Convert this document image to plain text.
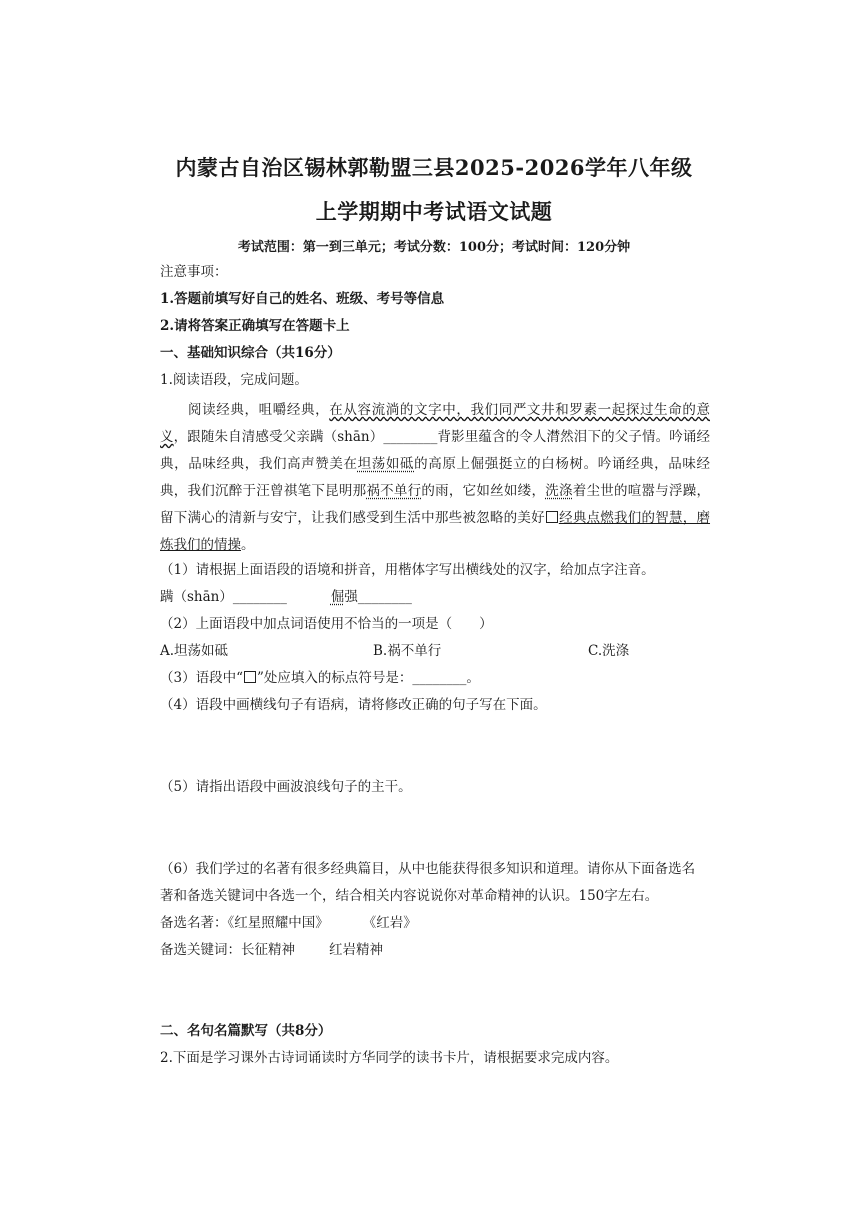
内蒙古自治区锡林郭勒盟三县2025-2026学年八年级
上学期期中考试语文试题
考试范围：第一到三单元；考试分数：100分；考试时间：120分钟
注意事项：
1.答题前填写好自己的姓名、班级、考号等信息
2.请将答案正确填写在答题卡上
一、基础知识综合（共16分）
1.阅读语段，完成问题。
阅读经典，咀嚼经典，在从容流淌的文字中，我们同严文井和罗素一起探过生命的意义，跟随朱自清感受父亲蹒（shān）________背影里蕴含的令人潸然泪下的父子情。吟诵经典，品味经典，我们高声赞美在坦荡如砥的高原上倔强挺立的白杨树。吟诵经典，品味经典，我们沉醉于汪曾祺笔下昆明那祸不单行的雨，它如丝如缕，洗涤着尘世的喧嚣与浮躁，留下满心的清新与安宁，让我们感受到生活中那些被忽略的美好 经典点燃我们的智慧，磨炼我们的情操。
（1）请根据上面语段的语境和拼音，用楷体字写出横线处的汉字，给加点字注音。
蹒（shān）________	倔强________
（2）上面语段中加点词语使用不恰当的一项是（　　）
A.坦荡如砥	B.祸不单行	C.洗涤
（3）语段中“ ”处应填入的标点符号是：________。
（4）语段中画横线句子有语病，请将修改正确的句子写在下面。
（5）请指出语段中画波浪线句子的主干。
（6）我们学过的名著有很多经典篇目，从中也能获得很多知识和道理。请你从下面备选名
著和备选关键词中各选一个，结合相关内容说说你对革命精神的认识。150字左右。
备选名著：《红星照耀中国》	《红岩》
备选关键词：长征精神	红岩精神
二、名句名篇默写（共8分）
2.下面是学习课外古诗词诵读时方华同学的读书卡片，请根据要求完成内容。
